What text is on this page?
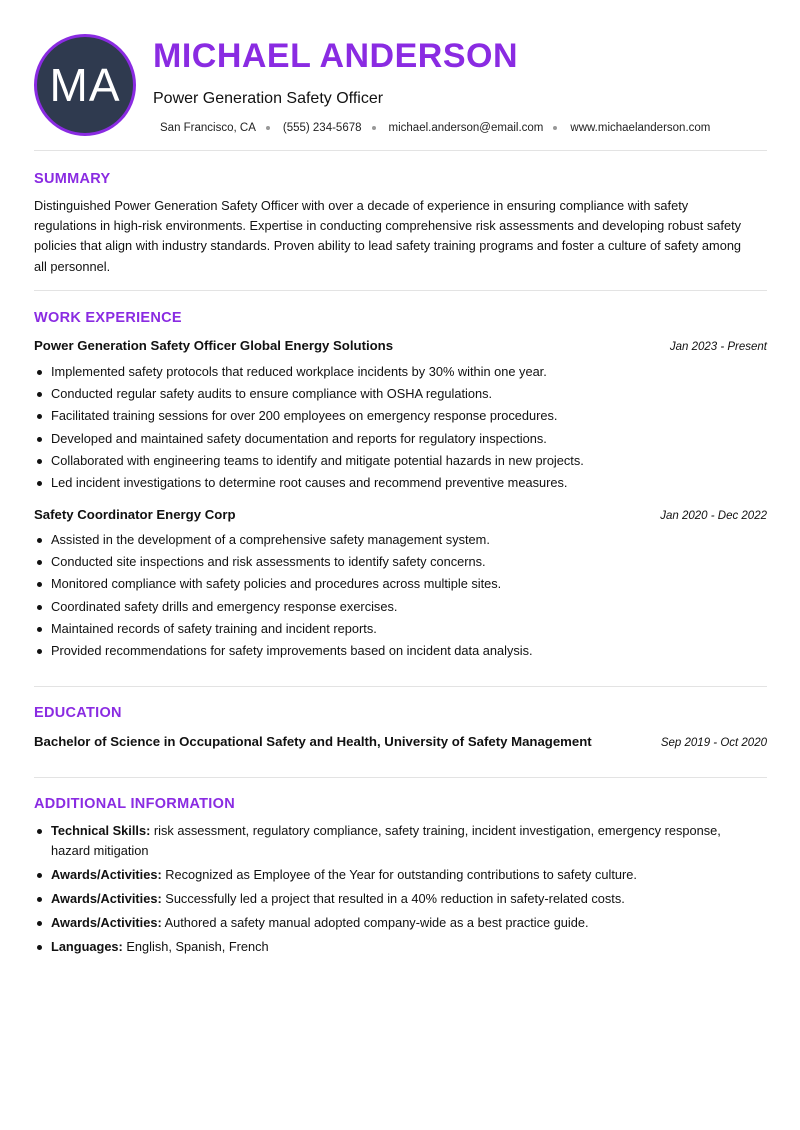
MA
MICHAEL ANDERSON
Power Generation Safety Officer
San Francisco, CA (555) 234-5678 michael.anderson@email.com www.michaelanderson.com
SUMMARY

Distinguished Power Generation Safety Officer with over a decade of experience in ensuring compliance with safety regulations in high-risk environments. Expertise in conducting comprehensive risk assessments and developing robust safety policies that align with industry standards. Proven ability to lead safety training programs and foster a culture of safety among all personnel.

WORK EXPERIENCE
Power Generation Safety Officer Global Energy Solutions	Jan 2023 - Present
Implemented safety protocols that reduced workplace incidents by 30% within one year.
Conducted regular safety audits to ensure compliance with OSHA regulations.
Facilitated training sessions for over 200 employees on emergency response procedures.
Developed and maintained safety documentation and reports for regulatory inspections.
Collaborated with engineering teams to identify and mitigate potential hazards in new projects.
Led incident investigations to determine root causes and recommend preventive measures.
Safety Coordinator Energy Corp	Jan 2020 - Dec 2022
Assisted in the development of a comprehensive safety management system.
Conducted site inspections and risk assessments to identify safety concerns.
Monitored compliance with safety policies and procedures across multiple sites.
Coordinated safety drills and emergency response exercises.
Maintained records of safety training and incident reports.
Provided recommendations for safety improvements based on incident data analysis.
EDUCATION
Bachelor of Science in Occupational Safety and Health, University of Safety Management	Sep 2019 - Oct 2020
ADDITIONAL INFORMATION
Technical Skills: risk assessment, regulatory compliance, safety training, incident investigation, emergency response, hazard mitigation
Awards/Activities: Recognized as Employee of the Year for outstanding contributions to safety culture.
Awards/Activities: Successfully led a project that resulted in a 40% reduction in safety-related costs.
Awards/Activities: Authored a safety manual adopted company-wide as a best practice guide.
Languages: English, Spanish, French
